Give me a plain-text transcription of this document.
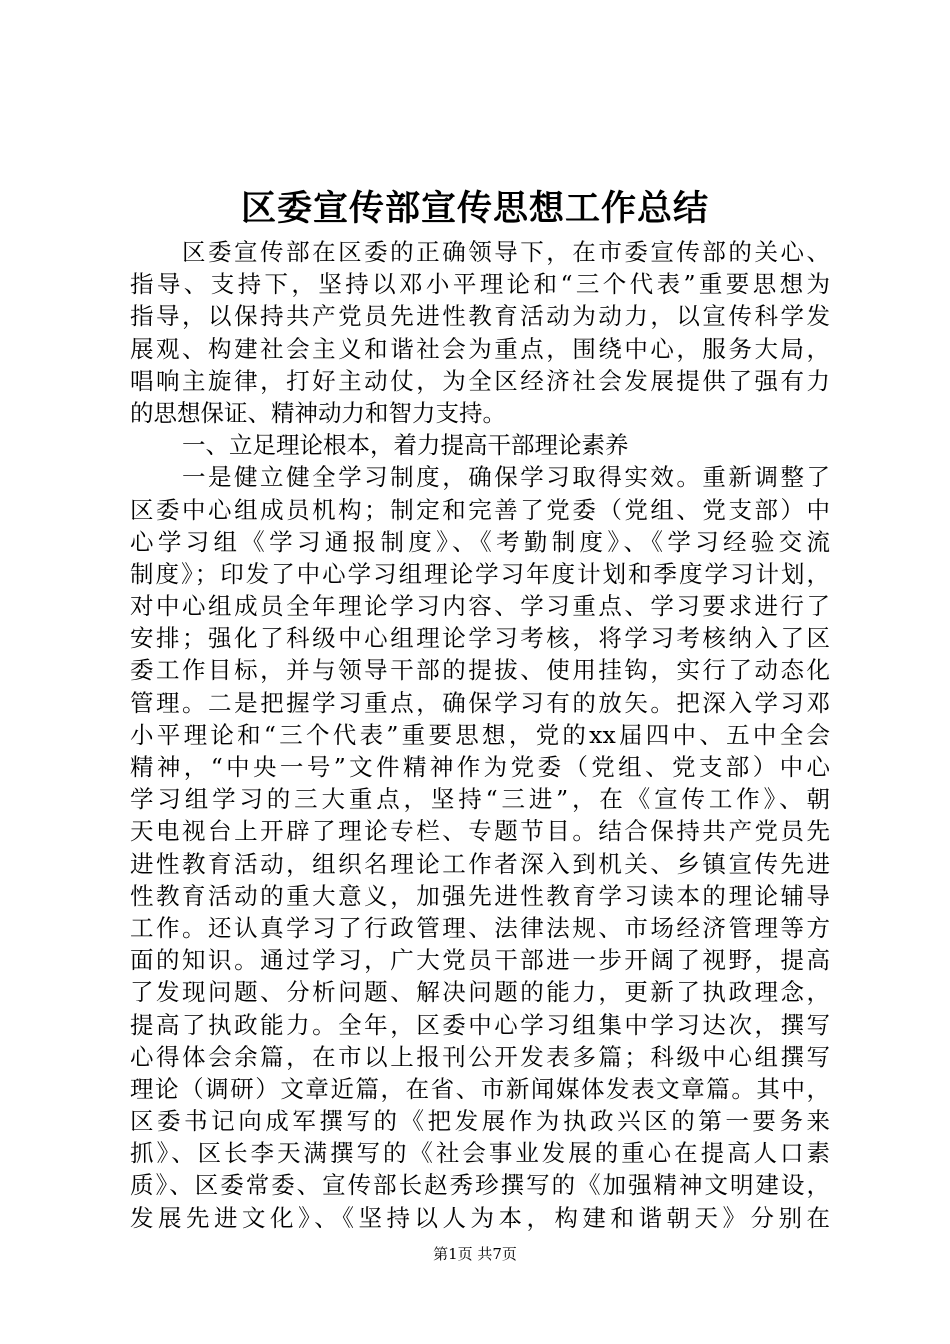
区委宣传部宣传思想工作总结
区委宣传部在区委的正确领导下，在市委宣传部的关心、
指导、支持下，坚持以邓小平理论和“三个代表”重要思想为
指导，以保持共产党员先进性教育活动为动力，以宣传科学发
展观、构建社会主义和谐社会为重点，围绕中心，服务大局，
唱响主旋律，打好主动仗，为全区经济社会发展提供了强有力
的思想保证、精神动力和智力支持。
一、立足理论根本，着力提高干部理论素养
一是健立健全学习制度，确保学习取得实效。重新调整了
区委中心组成员机构；制定和完善了党委（党组、党支部）中
心学习组《学习通报制度》、《考勤制度》、《学习经验交流
制度》；印发了中心学习组理论学习年度计划和季度学习计划，
对中心组成员全年理论学习内容、学习重点、学习要求进行了
安排；强化了科级中心组理论学习考核，将学习考核纳入了区
委工作目标，并与领导干部的提拔、使用挂钩，实行了动态化
管理。二是把握学习重点，确保学习有的放矢。把深入学习邓
小平理论和“三个代表”重要思想，党的xx届四中、五中全会
精神，“中央一号”文件精神作为党委（党组、党支部）中心
学习组学习的三大重点，坚持“三进”，在《宣传工作》、朝
天电视台上开辟了理论专栏、专题节目。结合保持共产党员先
进性教育活动，组织名理论工作者深入到机关、乡镇宣传先进
性教育活动的重大意义，加强先进性教育学习读本的理论辅导
工作。还认真学习了行政管理、法律法规、市场经济管理等方
面的知识。通过学习，广大党员干部进一步开阔了视野，提高
了发现问题、分析问题、解决问题的能力，更新了执政理念，
提高了执政能力。全年，区委中心学习组集中学习达次，撰写
心得体会余篇，在市以上报刊公开发表多篇；科级中心组撰写
理论（调研）文章近篇，在省、市新闻媒体发表文章篇。其中，
区委书记向成军撰写的《把发展作为执政兴区的第一要务来
抓》、区长李天满撰写的《社会事业发展的重心在提高人口素
质》、区委常委、宣传部长赵秀珍撰写的《加强精神文明建设，
发展先进文化》、《坚持以人为本，构建和谐朝天》分别在
第1页 共7页
